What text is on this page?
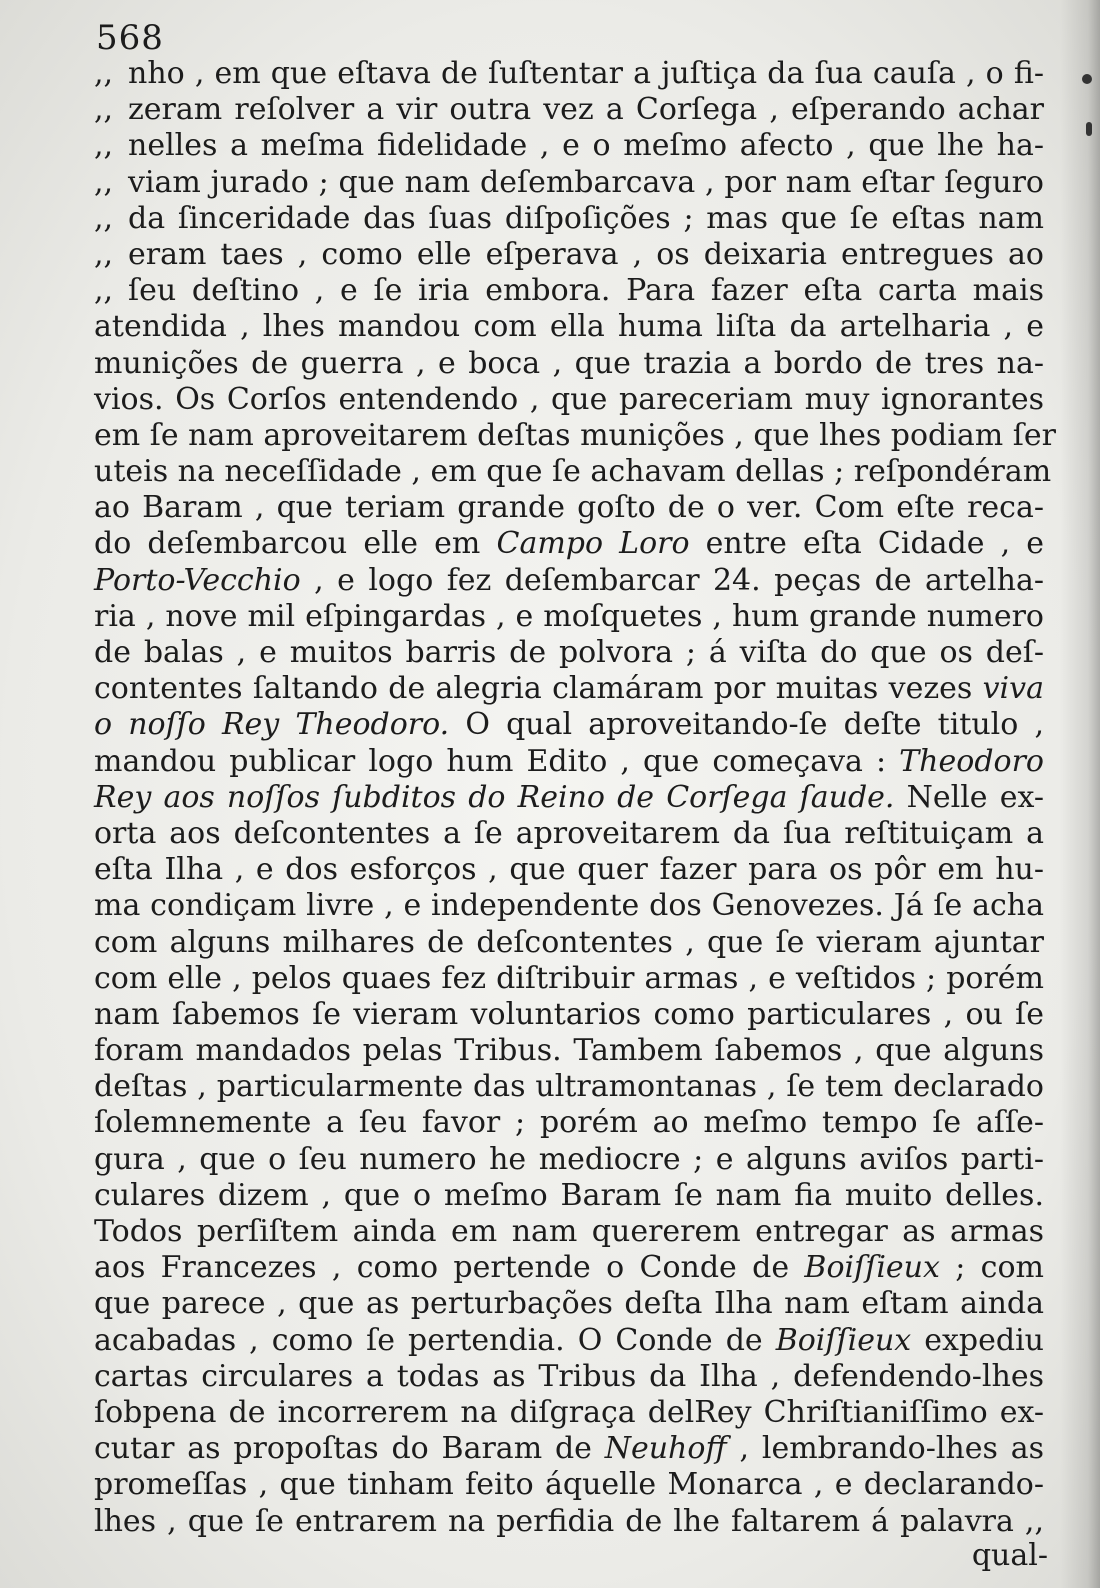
568
,, nho , em que eſtava de ſuſtentar a juſtiça da ſua cauſa , o fi-
,, zeram reſolver a vir outra vez a Corſega , eſperando achar
,, nelles a meſma fidelidade , e o meſmo afecto , que lhe ha-
,, viam jurado ; que nam deſembarcava , por nam eſtar ſeguro
,, da ſinceridade das ſuas diſpoſições ; mas que ſe eſtas nam
,, eram taes , como elle eſperava , os deixaria entregues ao
,, ſeu deſtino , e ſe iria embora. Para fazer eſta carta mais
atendida , lhes mandou com ella huma liſta da artelharia , e
munições de guerra , e boca , que trazia a bordo de tres na-
vios. Os Corſos entendendo , que pareceriam muy ignorantes
em ſe nam aproveitarem deſtas munições , que lhes podiam ſer
uteis na neceſſidade , em que ſe achavam dellas ; reſpondéram
ao Baram , que teriam grande goſto de o ver. Com eſte reca-
do deſembarcou elle em Campo Loro entre eſta Cidade , e
Porto-Vecchio , e logo fez deſembarcar 24. peças de artelha-
ria , nove mil eſpingardas , e moſquetes , hum grande numero
de balas , e muitos barris de polvora ; á viſta do que os deſ-
contentes ſaltando de alegria clamáram por muitas vezes viva
o noſſo Rey Theodoro. O qual aproveitando-ſe deſte titulo ,
mandou publicar logo hum Edito , que começava : Theodoro
Rey aos noſſos ſubditos do Reino de Corſega ſaude. Nelle ex-
orta aos deſcontentes a ſe aproveitarem da ſua reſtituiçam a
eſta Ilha , e dos esforços , que quer fazer para os pôr em hu-
ma condiçam livre , e independente dos Genovezes. Já ſe acha
com alguns milhares de deſcontentes , que ſe vieram ajuntar
com elle , pelos quaes fez diſtribuir armas , e veſtidos ; porém
nam ſabemos ſe vieram voluntarios como particulares , ou ſe
foram mandados pelas Tribus. Tambem ſabemos , que alguns
deſtas , particularmente das ultramontanas , ſe tem declarado
ſolemnemente a ſeu favor ; porém ao meſmo tempo ſe aſſe-
gura , que o ſeu numero he mediocre ; e alguns aviſos parti-
culares dizem , que o meſmo Baram ſe nam fia muito delles.
Todos perſiſtem ainda em nam quererem entregar as armas
aos Francezes , como pertende o Conde de Boiſſieux ; com
que parece , que as perturbações deſta Ilha nam eſtam ainda
acabadas , como ſe pertendia. O Conde de Boiſſieux expediu
cartas circulares a todas as Tribus da Ilha , defendendo-lhes
ſobpena de incorrerem na diſgraça delRey Chriſtianiſſimo ex-
cutar as propoſtas do Baram de Neuhoff , lembrando-lhes as
promeſſas , que tinham feito áquelle Monarca , e declarando-
lhes , que ſe entrarem na perfidia de lhe faltarem á palavra ,,
qual-
